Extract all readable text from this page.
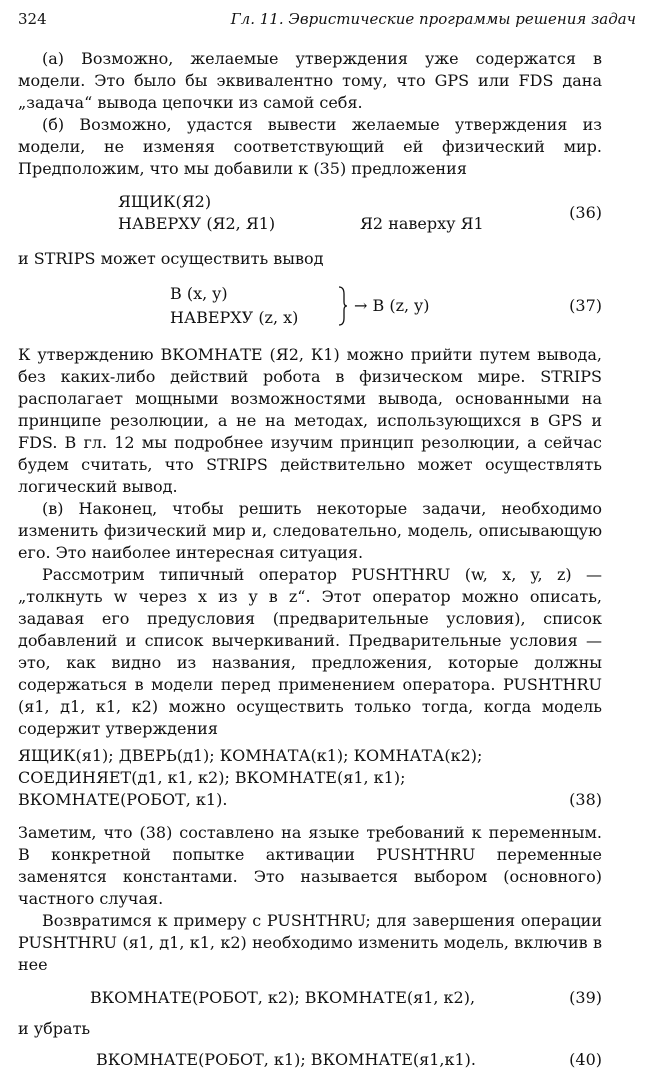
324	Гл. 11. Эвристические программы решения задач

(а) Возможно, желаемые утверждения уже содержатся в модели. Это было бы эквивалентно тому, что GPS или FDS дана „задача“ вывода цепочки из самой себя.

(б) Возможно, удастся вывести желаемые утверждения из модели, не изменяя соответствующий ей физический мир. Предположим, что мы добавили к (35) предложения

ЯЩИК(Я2)
НАВЕРХУ (Я2, Я1)	Я2 наверху Я1
(36)

и STRIPS может осуществить вывод

В (x, y)
НАВЕРХУ (z, x)
→ В (z, y)	(37)

К утверждению ВКОМНАТЕ (Я2, К1) можно прийти путем вывода, без каких-либо действий робота в физическом мире. STRIPS располагает мощными возможностями вывода, основанными на принципе резолюции, а не на методах, использующихся в GPS и FDS. В гл. 12 мы подробнее изучим принцип резолюции, а сейчас будем считать, что STRIPS действительно может осуществлять логический вывод.

(в) Наконец, чтобы решить некоторые задачи, необходимо изменить физический мир и, следовательно, модель, описывающую его. Это наиболее интересная ситуация.

Рассмотрим типичный оператор PUSHTHRU (w, x, y, z) — „толкнуть w через x из y в z“. Этот оператор можно описать, задавая его предусловия (предварительные условия), список добавлений и список вычеркиваний. Предварительные условия — это, как видно из названия, предложения, которые должны содержаться в модели перед применением оператора. PUSHTHRU (я1, д1, к1, к2) можно осуществить только тогда, когда модель содержит утверждения

ЯЩИК(я1); ДВЕРЬ(д1); КОМНАТА(к1); КОМНАТА(к2);
СОЕДИНЯЕТ(д1, к1, к2); ВКОМНАТЕ(я1, к1);
ВКОМНАТЕ(РОБОТ, к1).	(38)

Заметим, что (38) составлено на языке требований к переменным. В конкретной попытке активации PUSHTHRU переменные заменятся константами. Это называется выбором (основного) частного случая.

Возвратимся к примеру с PUSHTHRU; для завершения операции PUSHTHRU (я1, д1, к1, к2) необходимо изменить модель, включив в нее

ВКОМНАТЕ(РОБОТ, к2); ВКОМНАТЕ(я1, к2),	(39)

и убрать

ВКОМНАТЕ(РОБОТ, к1); ВКОМНАТЕ(я1,к1).	(40)
